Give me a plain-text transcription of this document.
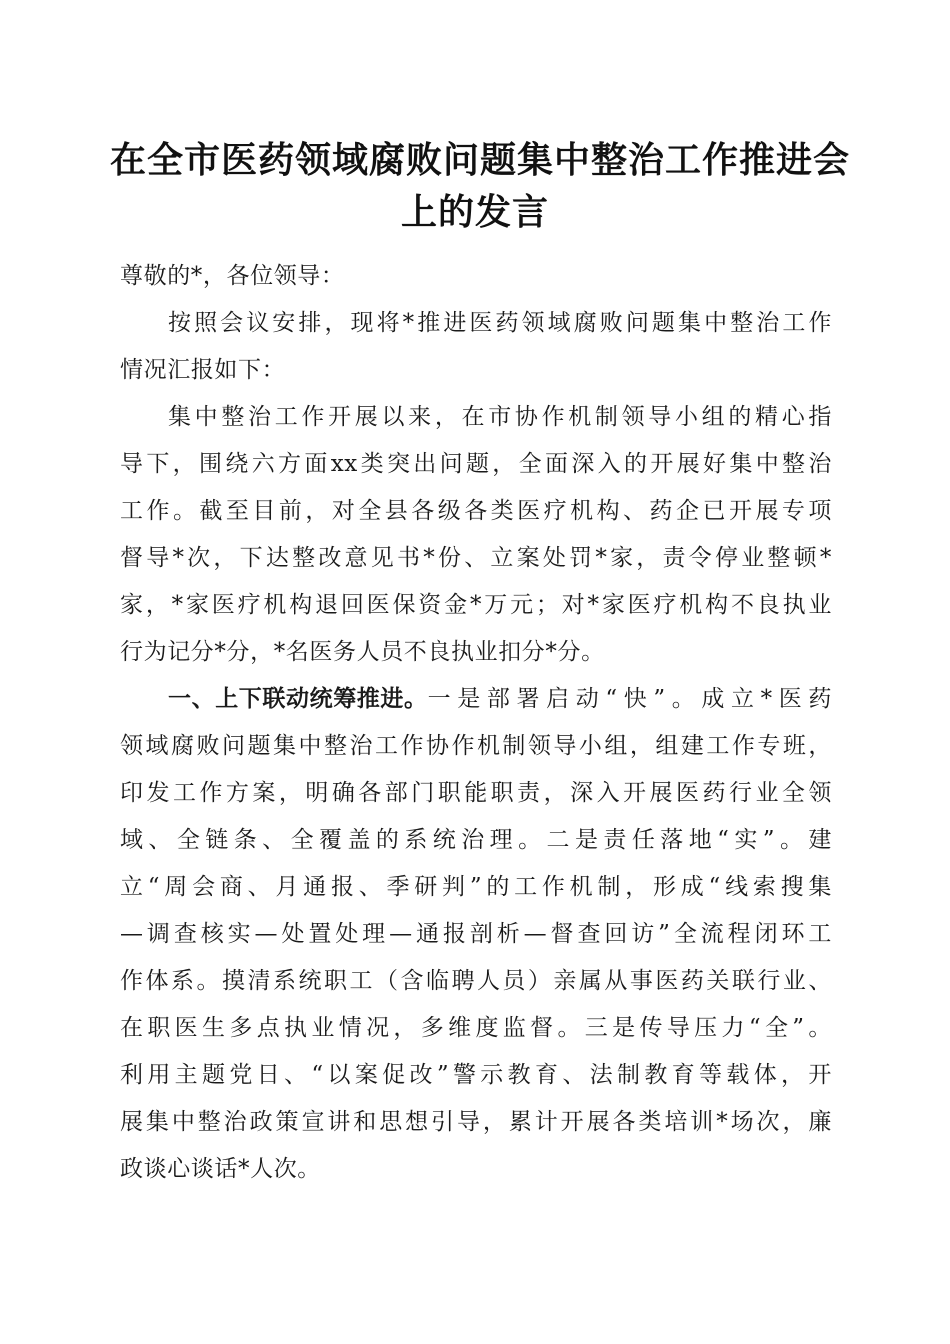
在全市医药领域腐败问题集中整治工作推进会
上的发言
尊敬的*，各位领导：
按照会议安排，现将*推进医药领域腐败问题集中整治工作
情况汇报如下：
集中整治工作开展以来，在市协作机制领导小组的精心指
导下，围绕六方面xx类突出问题，全面深入的开展好集中整治
工作。截至目前，对全县各级各类医疗机构、药企已开展专项
督导*次，下达整改意见书*份、立案处罚*家，责令停业整顿*
家，*家医疗机构退回医保资金*万元；对*家医疗机构不良执业
行为记分*分，*名医务人员不良执业扣分*分。
一、上下联动统筹推进。 一是部署启动“快”。成立*医药
领域腐败问题集中整治工作协作机制领导小组，组建工作专班，
印发工作方案，明确各部门职能职责，深入开展医药行业全领
域、全链条、全覆盖的系统治理。二是责任落地“实”。建
立“周会商、月通报、季研判”的工作机制，形成“线索搜集
—调查核实—处置处理—通报剖析—督查回访”全流程闭环工
作体系。摸清系统职工（含临聘人员）亲属从事医药关联行业、
在职医生多点执业情况，多维度监督。三是传导压力“全”。
利用主题党日、“以案促改”警示教育、法制教育等载体，开
展集中整治政策宣讲和思想引导，累计开展各类培训*场次，廉
政谈心谈话*人次。
